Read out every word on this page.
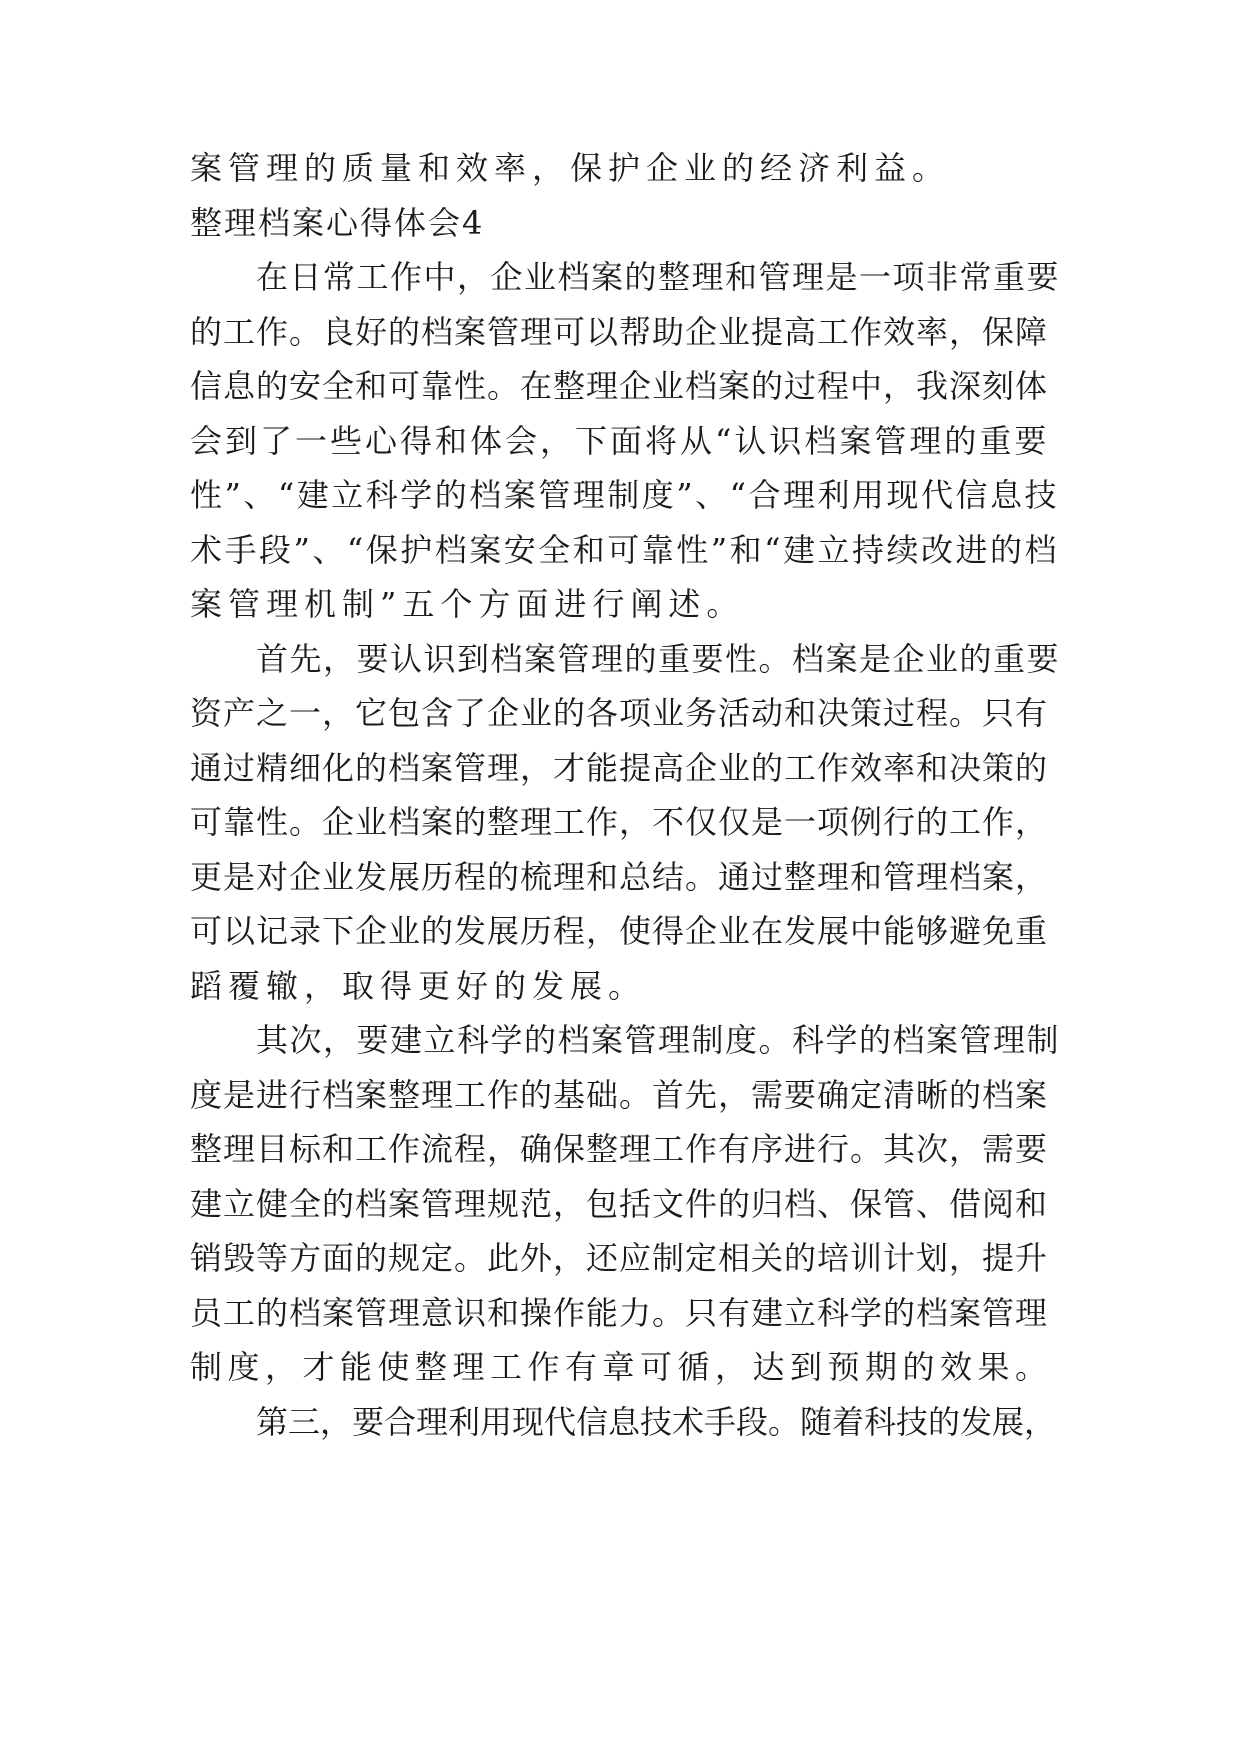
案管理的质量和效率，保护企业的经济利益。
整理档案心得体会4
在日常工作中，企业档案的整理和管理是一项非常重要
的工作。良好的档案管理可以帮助企业提高工作效率，保障
信息的安全和可靠性。在整理企业档案的过程中，我深刻体
会到了一些心得和体会，下面将从“认识档案管理的重要
性”、“建立科学的档案管理制度”、“合理利用现代信息技
术手段”、“保护档案安全和可靠性”和“建立持续改进的档
案管理机制”五个方面进行阐述。
首先，要认识到档案管理的重要性。档案是企业的重要
资产之一，它包含了企业的各项业务活动和决策过程。只有
通过精细化的档案管理，才能提高企业的工作效率和决策的
可靠性。企业档案的整理工作，不仅仅是一项例行的工作，
更是对企业发展历程的梳理和总结。通过整理和管理档案，
可以记录下企业的发展历程，使得企业在发展中能够避免重
蹈覆辙，取得更好的发展。
其次，要建立科学的档案管理制度。科学的档案管理制
度是进行档案整理工作的基础。首先，需要确定清晰的档案
整理目标和工作流程，确保整理工作有序进行。其次，需要
建立健全的档案管理规范，包括文件的归档、保管、借阅和
销毁等方面的规定。此外，还应制定相关的培训计划，提升
员工的档案管理意识和操作能力。只有建立科学的档案管理
制度，才能使整理工作有章可循，达到预期的效果。
第三，要合理利用现代信息技术手段。随着科技的发展，
